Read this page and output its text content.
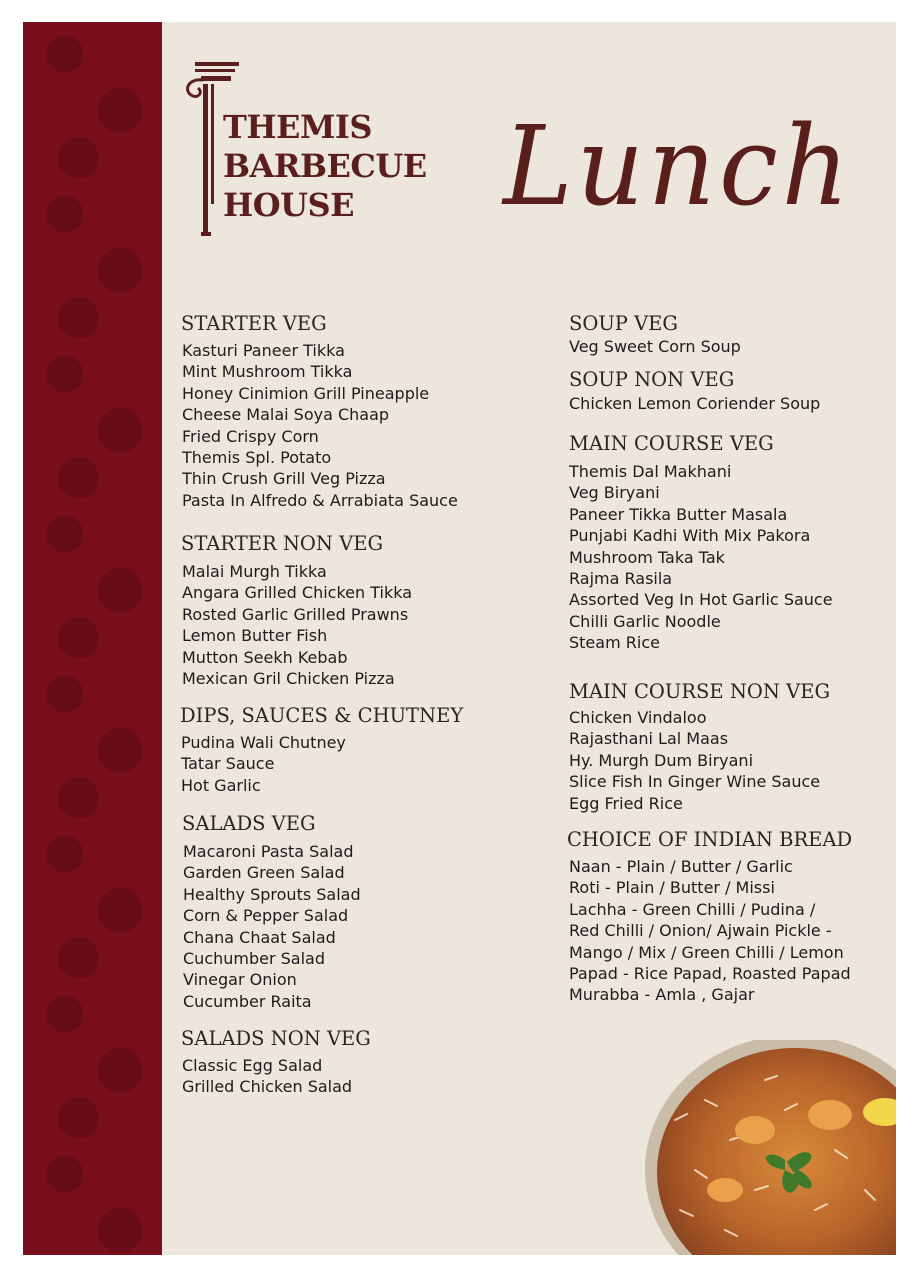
THEMIS
BARBECUE
HOUSE	Lunch
STARTER VEG
Kasturi Paneer Tikka
Mint Mushroom Tikka
Honey Cinimion Grill Pineapple
Cheese Malai Soya Chaap
Fried Crispy Corn
Themis Spl. Potato
Thin Crush Grill Veg Pizza
Pasta In Alfredo & Arrabiata Sauce
STARTER NON VEG
Malai Murgh Tikka
Angara Grilled Chicken Tikka
Rosted Garlic Grilled Prawns
Lemon Butter Fish
Mutton Seekh Kebab
Mexican Gril Chicken Pizza
DIPS, SAUCES & CHUTNEY
Pudina Wali Chutney
Tatar Sauce
Hot Garlic
SALADS VEG
Macaroni Pasta Salad
Garden Green Salad
Healthy Sprouts Salad
Corn & Pepper Salad
Chana Chaat Salad
Cuchumber Salad
Vinegar Onion
Cucumber Raita
SALADS NON VEG
Classic Egg Salad
Grilled Chicken Salad
SOUP VEG
Veg Sweet Corn Soup
SOUP NON VEG
Chicken Lemon Coriender Soup
MAIN COURSE VEG
Themis Dal Makhani
Veg Biryani
Paneer Tikka Butter Masala
Punjabi Kadhi With Mix Pakora
Mushroom Taka Tak
Rajma Rasila
Assorted Veg In Hot Garlic Sauce
Chilli Garlic Noodle
Steam Rice
MAIN COURSE NON VEG
Chicken Vindaloo
Rajasthani Lal Maas
Hy. Murgh Dum Biryani
Slice Fish In Ginger Wine Sauce
Egg Fried Rice
CHOICE OF INDIAN BREAD
Naan - Plain / Butter / Garlic
Roti - Plain / Butter / Missi
Lachha - Green Chilli / Pudina /
Red Chilli / Onion/ Ajwain Pickle -
Mango / Mix / Green Chilli / Lemon
Papad - Rice Papad, Roasted Papad
Murabba - Amla , Gajar
